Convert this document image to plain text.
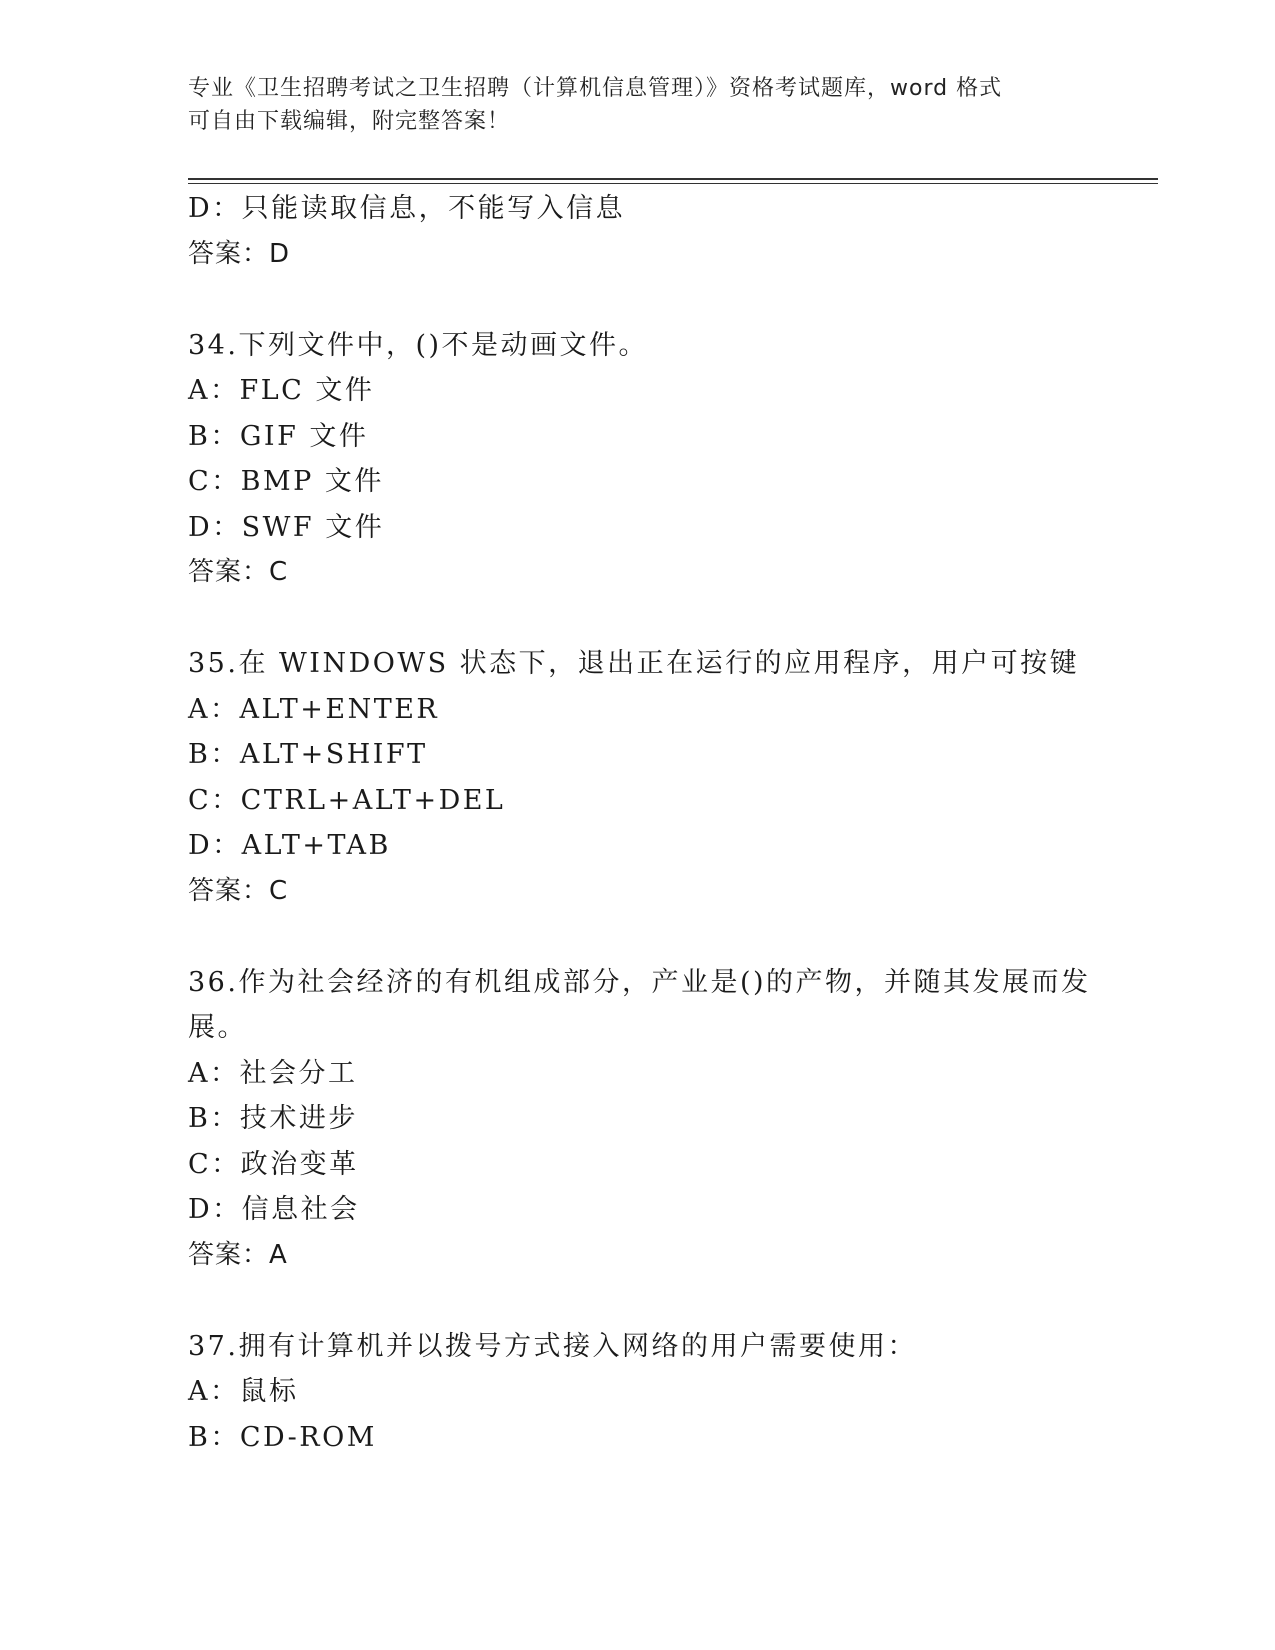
专业《卫生招聘考试之卫生招聘（计算机信息管理）》资格考试题库，word 格式
可自由下载编辑，附完整答案！
D：只能读取信息，不能写入信息
答案：D
34.下列文件中，()不是动画文件。
A：FLC 文件
B：GIF 文件
C：BMP 文件
D：SWF 文件
答案：C
35.在 WINDOWS 状态下，退出正在运行的应用程序，用户可按键
A：ALT+ENTER
B：ALT+SHIFT
C：CTRL+ALT+DEL
D：ALT+TAB
答案：C
36.作为社会经济的有机组成部分，产业是()的产物，并随其发展而发
展。
A：社会分工
B：技术进步
C：政治变革
D：信息社会
答案：A
37.拥有计算机并以拨号方式接入网络的用户需要使用：
A：鼠标
B：CD-ROM
